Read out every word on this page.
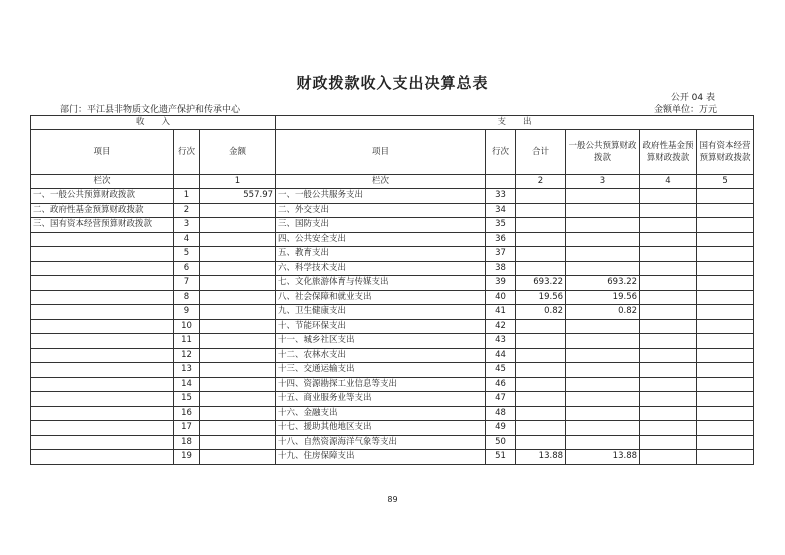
财政拨款收入支出决算总表
公开 04 表
部门：平江县非物质文化遗产保护和传承中心	金额单位：万元
收　　入			支　　出					
项目	行次	金额	项目	行次	合计	一般公共预算财政拨款	政府性基金预算财政拨款	国有资本经营预算财政拨款
栏次		1	栏次		2	3	4	5
一、一般公共预算财政拨款	1	557.97	一、一般公共服务支出	33				
二、政府性基金预算财政拨款	2		二、外交支出	34				
三、国有资本经营预算财政拨款	3		三、国防支出	35				
	4		四、公共安全支出	36				
	5		五、教育支出	37				
	6		六、科学技术支出	38				
	7		七、文化旅游体育与传媒支出	39	693.22	693.22		
	8		八、社会保障和就业支出	40	19.56	19.56		
	9		九、卫生健康支出	41	0.82	0.82		
	10		十、节能环保支出	42				
	11		十一、城乡社区支出	43				
	12		十二、农林水支出	44				
	13		十三、交通运输支出	45				
	14		十四、资源勘探工业信息等支出	46				
	15		十五、商业服务业等支出	47				
	16		十六、金融支出	48				
	17		十七、援助其他地区支出	49				
	18		十八、自然资源海洋气象等支出	50				
	19		十九、住房保障支出	51	13.88	13.88		
89
